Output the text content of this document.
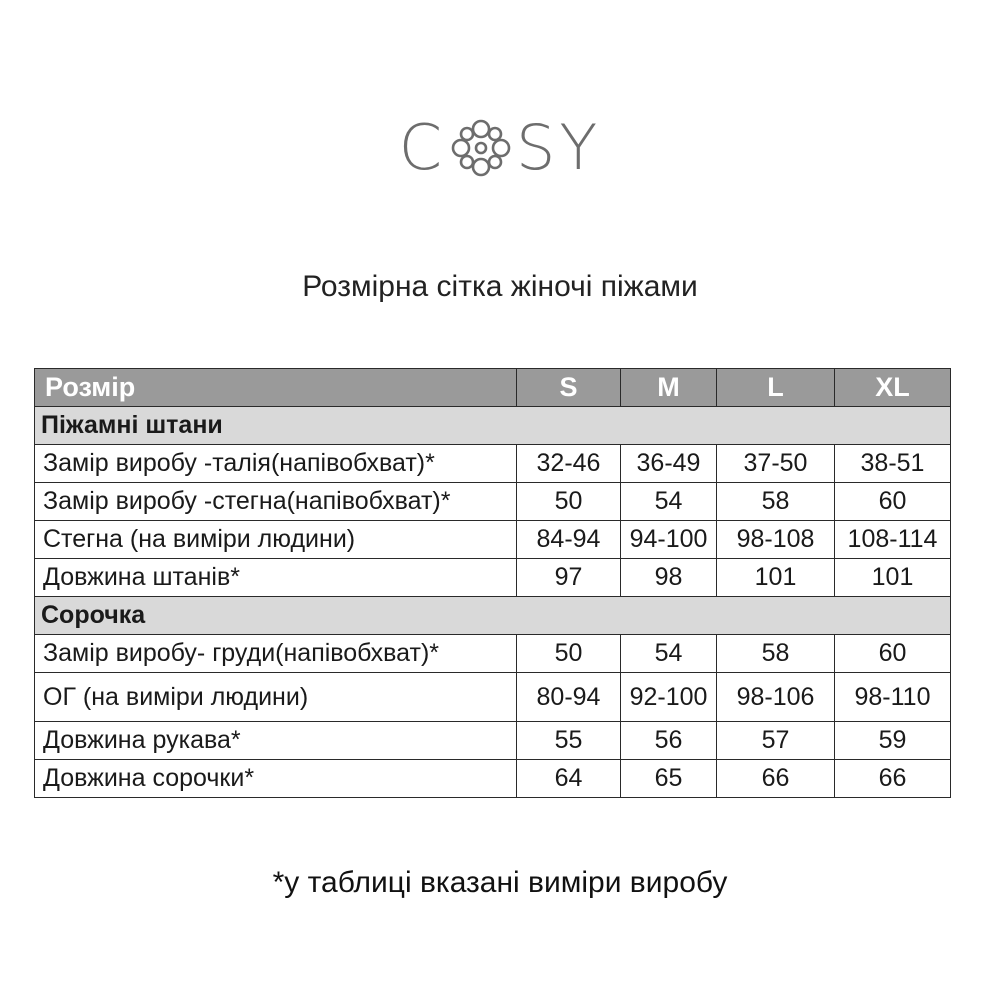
C S Y
Розмірна сітка жіночі піжами
Розмір	S	M	L	XL
Піжамні штани				
Замір виробу -талія(напівобхват)*	32-46	36-49	37-50	38-51
Замір виробу -стегна(напівобхват)*	50	54	58	60
Стегна (на виміри людини)	84-94	94-100	98-108	108-114
Довжина штанів*	97	98	101	101
Сорочка				
Замір виробу- груди(напівобхват)*	50	54	58	60
ОГ (на виміри людини)	80-94	92-100	98-106	98-110
Довжина рукава*	55	56	57	59
Довжина сорочки*	64	65	66	66
*у таблиці вказані виміри виробу
